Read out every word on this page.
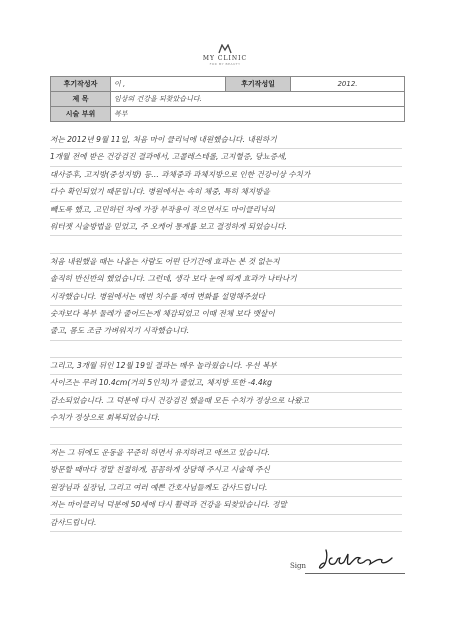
MY CLINIC
FOR MY BEAUTY
후기작성자	이 ,	후기작성일	2012.
제 목	임상의 건강을 되찾았습니다.		
시술 부위	복부		
저는 2012년 9월 11일, 처음 마이 클리닉에 내원했습니다. 내원하기
1개월 전에 받은 건강검진 결과에서, 고콜레스테롤, 고지혈증, 당뇨증세,
대사증후, 고지방(중성지방) 등… 과체중과 과체지방으로 인한 건강이상 수치가
다수 확인되었기 때문입니다. 병원에서는 속히 체중, 특히 체지방을
빼도록 했고, 고민하던 차에 가장 부작용이 적으면서도 마이클리닉의
워터젯 시술방법을 믿었고, 주 오케어 통계를 보고 결정하게 되었습니다.
처음 내원했을 때는 나올는 사람도 어떤 단기간에 효과는 본 것 없는지
솔직히 반신반의 했었습니다. 그런데, 생각 보다 눈에 띄게 효과가 나타나기
시작했습니다. 병원에서는 매번 치수를 재며 변화를 설명해주셨다
숫자보다 복부 둘레가 줄어드는게 체감되었고 이때 전체 보다 뱃살이
줄고, 몸도 조금 가벼워지기 시작했습니다.
그리고, 3개월 뒤인 12월 19일 결과는 매우 놀라웠습니다. 우선 복부
사이즈는 무려 10.4cm(거의 5인치)가 줄었고, 체지방 또한 -4.4kg
감소되었습니다. 그 덕분에 다시 건강검진 했을때 모든 수치가 정상으로 나왔고
수치가 정상으로 회복되었습니다.
저는 그 뒤에도 운동을 꾸준히 하면서 유지하려고 애쓰고 있습니다.
방문할 때마다 정말 친절하게, 꼼꼼하게 상담해 주시고 시술해 주신
원장님과 실장님, 그리고 여러 예쁜 간호사님들께도 감사드립니다.
저는 마이클리닉 덕분에 50세에 다시 활력과 건강을 되찾았습니다. 정말
감사드립니다.
Sign
